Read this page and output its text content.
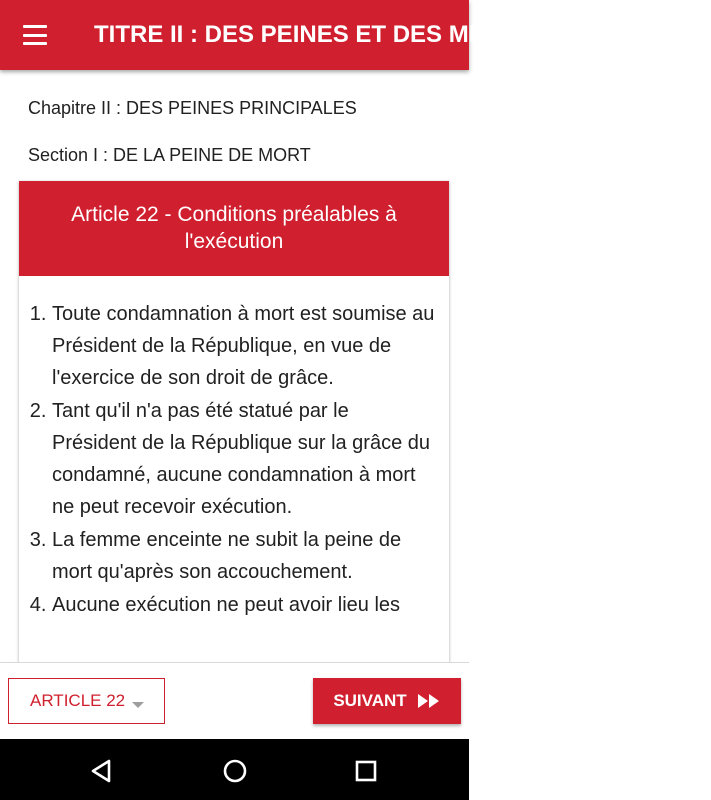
TITRE II : DES PEINES ET DES MESURES DE SÛRETÉ
Chapitre II : DES PEINES PRINCIPALES
Section I : DE LA PEINE DE MORT
Article 22 - Conditions préalables à l'exécution
1. Toute condamnation à mort est soumise au Président de la République, en vue de l'exercice de son droit de grâce.
2. Tant qu'il n'a pas été statué par le Président de la République sur la grâce du condamné, aucune condamnation à mort ne peut recevoir exécution.
3. La femme enceinte ne subit la peine de mort qu'après son accouchement.
4. Aucune exécution ne peut avoir lieu les
ARTICLE 22	SUIVANT
